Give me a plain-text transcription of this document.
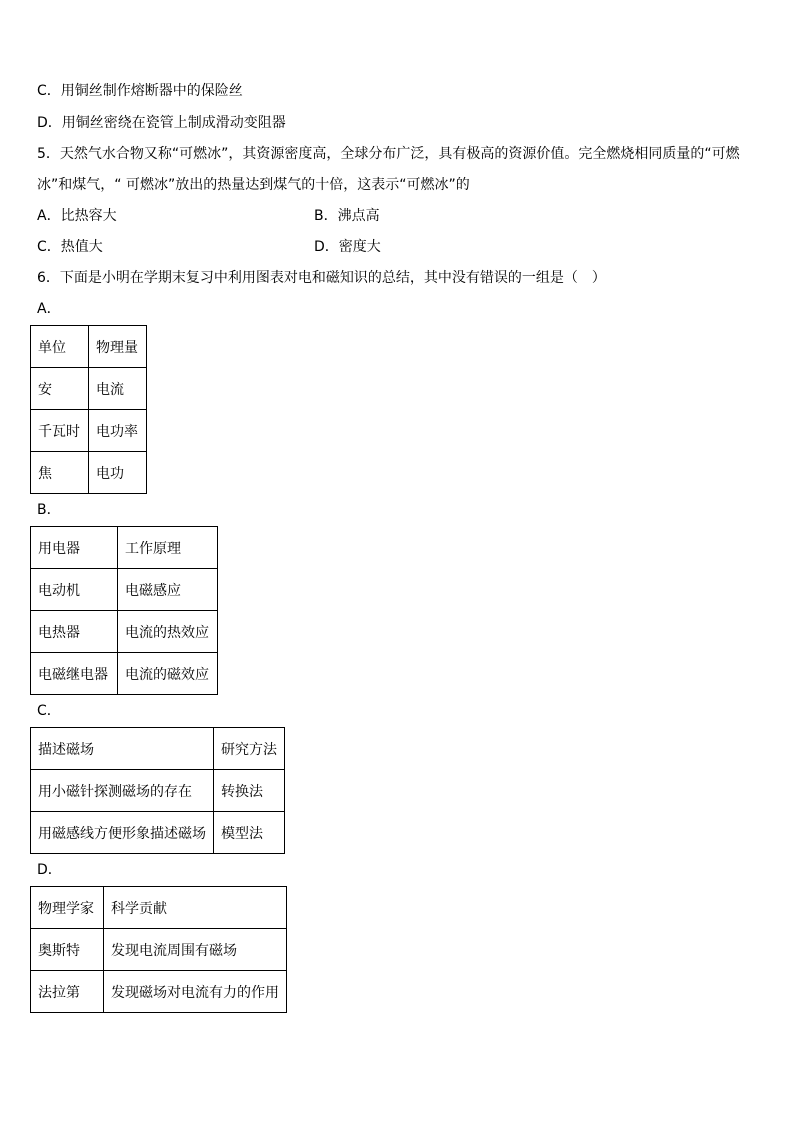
C．用铜丝制作熔断器中的保险丝
D．用铜丝密绕在瓷管上制成滑动变阻器
5．天然气水合物又称“可燃冰”，其资源密度高，全球分布广泛，具有极高的资源价值。完全燃烧相同质量的“可燃
冰”和煤气，“ 可燃冰”放出的热量达到煤气的十倍，这表示“可燃冰”的
A．比热容大	B．沸点高
C．热值大	D．密度大
6．下面是小明在学期末复习中利用图表对电和磁知识的总结，其中没有错误的一组是（　）
A．
单位	物理量
安	电流
千瓦时	电功率
焦	电功
B．
用电器	工作原理
电动机	电磁感应
电热器	电流的热效应
电磁继电器	电流的磁效应
C．
描述磁场	研究方法
用小磁针探测磁场的存在	转换法
用磁感线方便形象描述磁场	模型法
D．
物理学家	科学贡献
奥斯特	发现电流周围有磁场
法拉第	发现磁场对电流有力的作用
